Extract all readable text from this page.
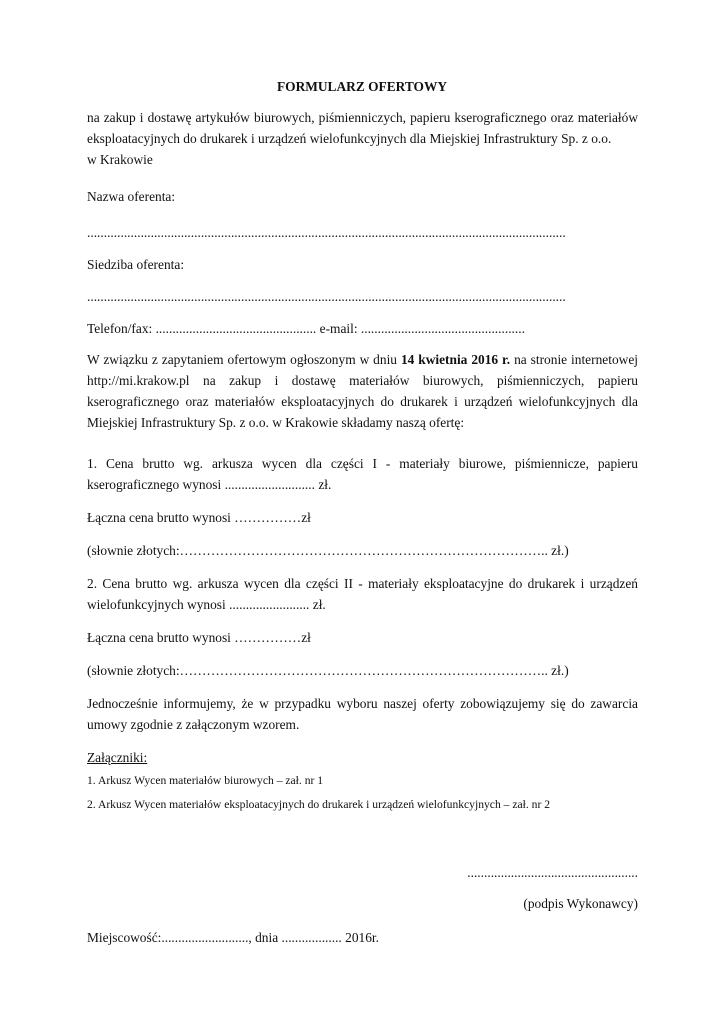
FORMULARZ OFERTOWY
na zakup i dostawę artykułów biurowych, piśmienniczych, papieru kserograficznego oraz materiałów eksploatacyjnych do drukarek i urządzeń wielofunkcyjnych dla Miejskiej Infrastruktury Sp. z o.o.
w Krakowie
Nazwa oferenta:
...............................................................................................................................................
Siedziba oferenta:
...............................................................................................................................................
Telefon/fax: ................................................ e-mail: .................................................
W związku z zapytaniem ofertowym ogłoszonym w dniu 14 kwietnia 2016 r. na stronie internetowej http://mi.krakow.pl na zakup i dostawę materiałów biurowych, piśmienniczych, papieru kserograficznego oraz materiałów eksploatacyjnych do drukarek i urządzeń wielofunkcyjnych dla Miejskiej Infrastruktury Sp. z o.o. w Krakowie składamy naszą ofertę:
1. Cena brutto wg. arkusza wycen dla części I - materiały biurowe, piśmiennicze, papieru kserograficznego wynosi ........................... zł.
Łączna cena brutto wynosi ……………zł
(słownie złotych:……………………………………………………………………….. zł.)
2. Cena brutto wg. arkusza wycen dla części II - materiały eksploatacyjne do drukarek i urządzeń wielofunkcyjnych wynosi ........................ zł.
Łączna cena brutto wynosi ……………zł
(słownie złotych:……………………………………………………………………….. zł.)
Jednocześnie informujemy, że w przypadku wyboru naszej oferty zobowiązujemy się do zawarcia umowy zgodnie z załączonym wzorem.
Załączniki:
1. Arkusz Wycen materiałów biurowych – zał. nr 1
2. Arkusz Wycen materiałów eksploatacyjnych do drukarek i urządzeń wielofunkcyjnych – zał. nr 2
...................................................
(podpis Wykonawcy)
Miejscowość:.........................., dnia .................. 2016r.
